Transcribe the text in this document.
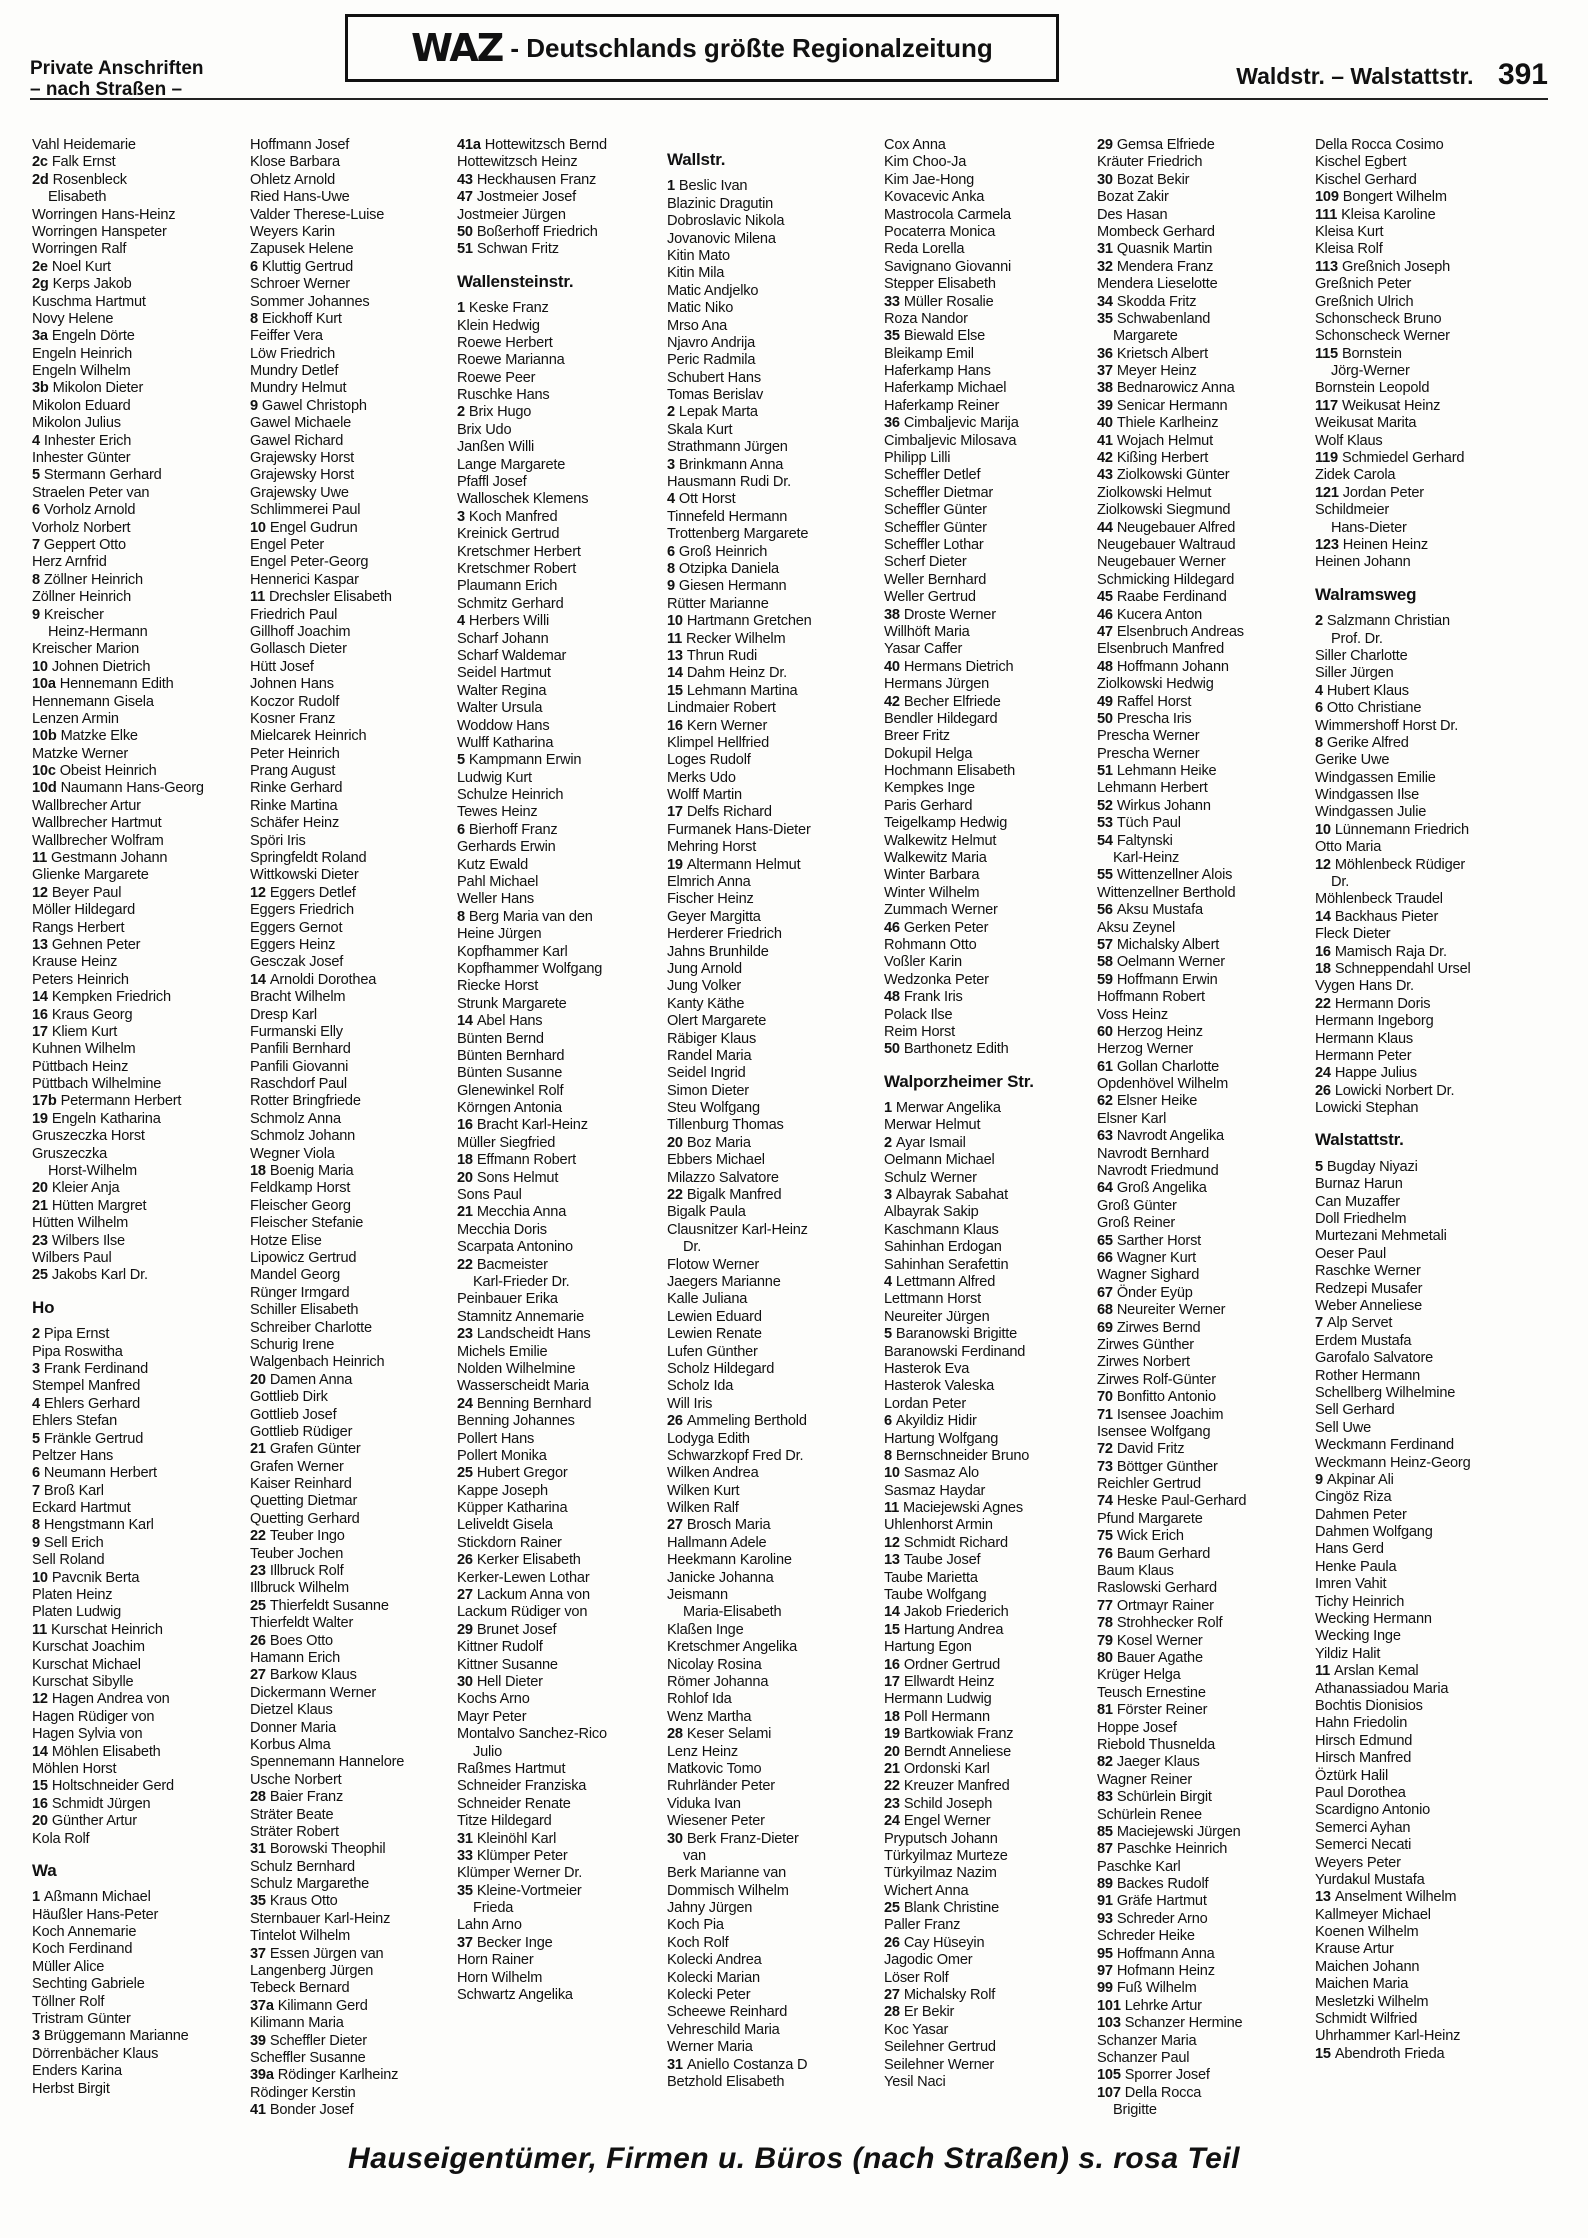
Private Anschriften
– nach Straßen –
WAZ - Deutschlands größte Regionalzeitung
Waldstr. – Walstattstr. 391
Vahl Heidemarie
2c Falk Ernst
2d Rosenbleck
Elisabeth
Worringen Hans-Heinz
Worringen Hanspeter
Worringen Ralf
2e Noel Kurt
2g Kerps Jakob
Kuschma Hartmut
Novy Helene
3a Engeln Dörte
Engeln Heinrich
Engeln Wilhelm
3b Mikolon Dieter
Mikolon Eduard
Mikolon Julius
4 Inhester Erich
Inhester Günter
5 Stermann Gerhard
Straelen Peter van
6 Vorholz Arnold
Vorholz Norbert
7 Geppert Otto
Herz Arnfrid
8 Zöllner Heinrich
Zöllner Heinrich
9 Kreischer
Heinz-Hermann
Kreischer Marion
10 Johnen Dietrich
10a Hennemann Edith
Hennemann Gisela
Lenzen Armin
10b Matzke Elke
Matzke Werner
10c Obeist Heinrich
10d Naumann Hans-Georg
Wallbrecher Artur
Wallbrecher Hartmut
Wallbrecher Wolfram
11 Gestmann Johann
Glienke Margarete
12 Beyer Paul
Möller Hildegard
Rangs Herbert
13 Gehnen Peter
Krause Heinz
Peters Heinrich
14 Kempken Friedrich
16 Kraus Georg
17 Kliem Kurt
Kuhnen Wilhelm
Püttbach Heinz
Püttbach Wilhelmine
17b Petermann Herbert
19 Engeln Katharina
Gruszeczka Horst
Gruszeczka
Horst-Wilhelm
20 Kleier Anja
21 Hütten Margret
Hütten Wilhelm
23 Wilbers Ilse
Wilbers Paul
25 Jakobs Karl Dr.
Ho
2 Pipa Ernst
Pipa Roswitha
3 Frank Ferdinand
Stempel Manfred
4 Ehlers Gerhard
Ehlers Stefan
5 Fränkle Gertrud
Peltzer Hans
6 Neumann Herbert
7 Broß Karl
Eckard Hartmut
8 Hengstmann Karl
9 Sell Erich
Sell Roland
10 Pavcnik Berta
Platen Heinz
Platen Ludwig
11 Kurschat Heinrich
Kurschat Joachim
Kurschat Michael
Kurschat Sibylle
12 Hagen Andrea von
Hagen Rüdiger von
Hagen Sylvia von
14 Möhlen Elisabeth
Möhlen Horst
15 Holtschneider Gerd
16 Schmidt Jürgen
20 Günther Artur
Kola Rolf
Wa
1 Aßmann Michael
Häußler Hans-Peter
Koch Annemarie
Koch Ferdinand
Müller Alice
Sechting Gabriele
Töllner Rolf
Tristram Günter
3 Brüggemann Marianne
Dörrenbächer Klaus
Enders Karina
Herbst Birgit
Hoffmann Josef
Klose Barbara
Ohletz Arnold
Ried Hans-Uwe
Valder Therese-Luise
Weyers Karin
Zapusek Helene
6 Kluttig Gertrud
Schroer Werner
Sommer Johannes
8 Eickhoff Kurt
Feiffer Vera
Löw Friedrich
Mundry Detlef
Mundry Helmut
9 Gawel Christoph
Gawel Michaele
Gawel Richard
Grajewsky Horst
Grajewsky Horst
Grajewsky Uwe
Schlimmerei Paul
10 Engel Gudrun
Engel Peter
Engel Peter-Georg
Hennerici Kaspar
11 Drechsler Elisabeth
Friedrich Paul
Gillhoff Joachim
Gollasch Dieter
Hütt Josef
Johnen Hans
Koczor Rudolf
Kosner Franz
Mielcarek Heinrich
Peter Heinrich
Prang August
Rinke Gerhard
Rinke Martina
Schäfer Heinz
Spöri Iris
Springfeldt Roland
Wittkowski Dieter
12 Eggers Detlef
Eggers Friedrich
Eggers Gernot
Eggers Heinz
Gesczak Josef
14 Arnoldi Dorothea
Bracht Wilhelm
Dresp Karl
Furmanski Elly
Panfili Bernhard
Panfili Giovanni
Raschdorf Paul
Rotter Bringfriede
Schmolz Anna
Schmolz Johann
Wegner Viola
18 Boenig Maria
Feldkamp Horst
Fleischer Georg
Fleischer Stefanie
Hotze Elise
Lipowicz Gertrud
Mandel Georg
Rünger Irmgard
Schiller Elisabeth
Schreiber Charlotte
Schurig Irene
Walgenbach Heinrich
20 Damen Anna
Gottlieb Dirk
Gottlieb Josef
Gottlieb Rüdiger
21 Grafen Günter
Grafen Werner
Kaiser Reinhard
Quetting Dietmar
Quetting Gerhard
22 Teuber Ingo
Teuber Jochen
23 Illbruck Rolf
Illbruck Wilhelm
25 Thierfeldt Susanne
Thierfeldt Walter
26 Boes Otto
Hamann Erich
27 Barkow Klaus
Dickermann Werner
Dietzel Klaus
Donner Maria
Korbus Alma
Spennemann Hannelore
Usche Norbert
28 Baier Franz
Sträter Beate
Sträter Robert
31 Borowski Theophil
Schulz Bernhard
Schulz Margarethe
35 Kraus Otto
Sternbauer Karl-Heinz
Tintelot Wilhelm
37 Essen Jürgen van
Langenberg Jürgen
Tebeck Bernard
37a Kilimann Gerd
Kilimann Maria
39 Scheffler Dieter
Scheffler Susanne
39a Rödinger Karlheinz
Rödinger Kerstin
41 Bonder Josef
41a Hottewitzsch Bernd
Hottewitzsch Heinz
43 Heckhausen Franz
47 Jostmeier Josef
Jostmeier Jürgen
50 Boßerhoff Friedrich
51 Schwan Fritz
Wallensteinstr.
1 Keske Franz
Klein Hedwig
Roewe Herbert
Roewe Marianna
Roewe Peer
Ruschke Hans
2 Brix Hugo
Brix Udo
Janßen Willi
Lange Margarete
Pfaffl Josef
Walloschek Klemens
3 Koch Manfred
Kreinick Gertrud
Kretschmer Herbert
Kretschmer Robert
Plaumann Erich
Schmitz Gerhard
4 Herbers Willi
Scharf Johann
Scharf Waldemar
Seidel Hartmut
Walter Regina
Walter Ursula
Woddow Hans
Wulff Katharina
5 Kampmann Erwin
Ludwig Kurt
Schulze Heinrich
Tewes Heinz
6 Bierhoff Franz
Gerhards Erwin
Kutz Ewald
Pahl Michael
Weller Hans
8 Berg Maria van den
Heine Jürgen
Kopfhammer Karl
Kopfhammer Wolfgang
Riecke Horst
Strunk Margarete
14 Abel Hans
Bünten Bernd
Bünten Bernhard
Bünten Susanne
Glenewinkel Rolf
Körngen Antonia
16 Bracht Karl-Heinz
Müller Siegfried
18 Effmann Robert
20 Sons Helmut
Sons Paul
21 Mecchia Anna
Mecchia Doris
Scarpata Antonino
22 Bacmeister
Karl-Frieder Dr.
Peinbauer Erika
Stamnitz Annemarie
23 Landscheidt Hans
Michels Emilie
Nolden Wilhelmine
Wasserscheidt Maria
24 Benning Bernhard
Benning Johannes
Pollert Hans
Pollert Monika
25 Hubert Gregor
Kappe Joseph
Küpper Katharina
Leliveldt Gisela
Stickdorn Rainer
26 Kerker Elisabeth
Kerker-Lewen Lothar
27 Lackum Anna von
Lackum Rüdiger von
29 Brunet Josef
Kittner Rudolf
Kittner Susanne
30 Hell Dieter
Kochs Arno
Mayr Peter
Montalvo Sanchez-Rico
Julio
Raßmes Hartmut
Schneider Franziska
Schneider Renate
Titze Hildegard
31 Kleinöhl Karl
33 Klümper Peter
Klümper Werner Dr.
35 Kleine-Vortmeier
Frieda
Lahn Arno
37 Becker Inge
Horn Rainer
Horn Wilhelm
Schwartz Angelika
Wallstr.
1 Beslic Ivan
Blazinic Dragutin
Dobroslavic Nikola
Jovanovic Milena
Kitin Mato
Kitin Mila
Matic Andjelko
Matic Niko
Mrso Ana
Njavro Andrija
Peric Radmila
Schubert Hans
Tomas Berislav
2 Lepak Marta
Skala Kurt
Strathmann Jürgen
3 Brinkmann Anna
Hausmann Rudi Dr.
4 Ott Horst
Tinnefeld Hermann
Trottenberg Margarete
6 Groß Heinrich
8 Otzipka Daniela
9 Giesen Hermann
Rütter Marianne
10 Hartmann Gretchen
11 Recker Wilhelm
13 Thrun Rudi
14 Dahm Heinz Dr.
15 Lehmann Martina
Lindmaier Robert
16 Kern Werner
Klimpel Hellfried
Loges Rudolf
Merks Udo
Wolff Martin
17 Delfs Richard
Furmanek Hans-Dieter
Mehring Horst
19 Altermann Helmut
Elmrich Anna
Fischer Heinz
Geyer Margitta
Herderer Friedrich
Jahns Brunhilde
Jung Arnold
Jung Volker
Kanty Käthe
Olert Margarete
Räbiger Klaus
Randel Maria
Seidel Ingrid
Simon Dieter
Steu Wolfgang
Tillenburg Thomas
20 Boz Maria
Ebbers Michael
Milazzo Salvatore
22 Bigalk Manfred
Bigalk Paula
Clausnitzer Karl-Heinz
Dr.
Flotow Werner
Jaegers Marianne
Kalle Juliana
Lewien Eduard
Lewien Renate
Lufen Günther
Scholz Hildegard
Scholz Ida
Will Iris
26 Ammeling Berthold
Lodyga Edith
Schwarzkopf Fred Dr.
Wilken Andrea
Wilken Kurt
Wilken Ralf
27 Brosch Maria
Hallmann Adele
Heekmann Karoline
Janicke Johanna
Jeismann
Maria-Elisabeth
Klaßen Inge
Kretschmer Angelika
Nicolay Rosina
Römer Johanna
Rohlof Ida
Wenz Martha
28 Keser Selami
Lenz Heinz
Matkovic Tomo
Ruhrländer Peter
Viduka Ivan
Wiesener Peter
30 Berk Franz-Dieter
van
Berk Marianne van
Dommisch Wilhelm
Jahny Jürgen
Koch Pia
Koch Rolf
Kolecki Andrea
Kolecki Marian
Kolecki Peter
Scheewe Reinhard
Vehreschild Maria
Werner Maria
31 Aniello Costanza D
Betzhold Elisabeth
Cox Anna
Kim Choo-Ja
Kim Jae-Hong
Kovacevic Anka
Mastrocola Carmela
Pocaterra Monica
Reda Lorella
Savignano Giovanni
Stepper Elisabeth
33 Müller Rosalie
Roza Nandor
35 Biewald Else
Bleikamp Emil
Haferkamp Hans
Haferkamp Michael
Haferkamp Reiner
36 Cimbaljevic Marija
Cimbaljevic Milosava
Philipp Lilli
Scheffler Detlef
Scheffler Dietmar
Scheffler Günter
Scheffler Günter
Scheffler Lothar
Scherf Dieter
Weller Bernhard
Weller Gertrud
38 Droste Werner
Willhöft Maria
Yasar Caffer
40 Hermans Dietrich
Hermans Jürgen
42 Becher Elfriede
Bendler Hildegard
Breer Fritz
Dokupil Helga
Hochmann Elisabeth
Kempkes Inge
Paris Gerhard
Teigelkamp Hedwig
Walkewitz Helmut
Walkewitz Maria
Winter Barbara
Winter Wilhelm
Zummach Werner
46 Gerken Peter
Rohmann Otto
Voßler Karin
Wedzonka Peter
48 Frank Iris
Polack Ilse
Reim Horst
50 Barthonetz Edith
Walporzheimer Str.
1 Merwar Angelika
Merwar Helmut
2 Ayar Ismail
Oelmann Michael
Schulz Werner
3 Albayrak Sabahat
Albayrak Sakip
Kaschmann Klaus
Sahinhan Erdogan
Sahinhan Serafettin
4 Lettmann Alfred
Lettmann Horst
Neureiter Jürgen
5 Baranowski Brigitte
Baranowski Ferdinand
Hasterok Eva
Hasterok Valeska
Lordan Peter
6 Akyildiz Hidir
Hartung Wolfgang
8 Bernschneider Bruno
10 Sasmaz Alo
Sasmaz Haydar
11 Maciejewski Agnes
Uhlenhorst Armin
12 Schmidt Richard
13 Taube Josef
Taube Marietta
Taube Wolfgang
14 Jakob Friederich
15 Hartung Andrea
Hartung Egon
16 Ordner Gertrud
17 Ellwardt Heinz
Hermann Ludwig
18 Poll Hermann
19 Bartkowiak Franz
20 Berndt Anneliese
21 Ordonski Karl
22 Kreuzer Manfred
23 Schild Joseph
24 Engel Werner
Pryputsch Johann
Türkyilmaz Murteze
Türkyilmaz Nazim
Wichert Anna
25 Blank Christine
Paller Franz
26 Cay Hüseyin
Jagodic Omer
Löser Rolf
27 Michalsky Rolf
28 Er Bekir
Koc Yasar
Seilehner Gertrud
Seilehner Werner
Yesil Naci
29 Gemsa Elfriede
Kräuter Friedrich
30 Bozat Bekir
Bozat Zakir
Des Hasan
Mombeck Gerhard
31 Quasnik Martin
32 Mendera Franz
Mendera Lieselotte
34 Skodda Fritz
35 Schwabenland
Margarete
36 Krietsch Albert
37 Meyer Heinz
38 Bednarowicz Anna
39 Senicar Hermann
40 Thiele Karlheinz
41 Wojach Helmut
42 Kißing Herbert
43 Ziolkowski Günter
Ziolkowski Helmut
Ziolkowski Siegmund
44 Neugebauer Alfred
Neugebauer Waltraud
Neugebauer Werner
Schmicking Hildegard
45 Raabe Ferdinand
46 Kucera Anton
47 Elsenbruch Andreas
Elsenbruch Manfred
48 Hoffmann Johann
Ziolkowski Hedwig
49 Raffel Horst
50 Prescha Iris
Prescha Werner
Prescha Werner
51 Lehmann Heike
Lehmann Herbert
52 Wirkus Johann
53 Tüch Paul
54 Faltynski
Karl-Heinz
55 Wittenzellner Alois
Wittenzellner Berthold
56 Aksu Mustafa
Aksu Zeynel
57 Michalsky Albert
58 Oelmann Werner
59 Hoffmann Erwin
Hoffmann Robert
Voss Heinz
60 Herzog Heinz
Herzog Werner
61 Gollan Charlotte
Opdenhövel Wilhelm
62 Elsner Heike
Elsner Karl
63 Navrodt Angelika
Navrodt Bernhard
Navrodt Friedmund
64 Groß Angelika
Groß Günter
Groß Reiner
65 Sarther Horst
66 Wagner Kurt
Wagner Sighard
67 Önder Eyüp
68 Neureiter Werner
69 Zirwes Bernd
Zirwes Günther
Zirwes Norbert
Zirwes Rolf-Günter
70 Bonfitto Antonio
71 Isensee Joachim
Isensee Wolfgang
72 David Fritz
73 Böttger Günther
Reichler Gertrud
74 Heske Paul-Gerhard
Pfund Margarete
75 Wick Erich
76 Baum Gerhard
Baum Klaus
Raslowski Gerhard
77 Ortmayr Rainer
78 Strohhecker Rolf
79 Kosel Werner
80 Bauer Agathe
Krüger Helga
Teusch Ernestine
81 Förster Reiner
Hoppe Josef
Riebold Thusnelda
82 Jaeger Klaus
Wagner Reiner
83 Schürlein Birgit
Schürlein Renee
85 Maciejewski Jürgen
87 Paschke Heinrich
Paschke Karl
89 Backes Rudolf
91 Gräfe Hartmut
93 Schreder Arno
Schreder Heike
95 Hoffmann Anna
97 Hofmann Heinz
99 Fuß Wilhelm
101 Lehrke Artur
103 Schanzer Hermine
Schanzer Maria
Schanzer Paul
105 Sporrer Josef
107 Della Rocca
Brigitte
Della Rocca Cosimo
Kischel Egbert
Kischel Gerhard
109 Bongert Wilhelm
111 Kleisa Karoline
Kleisa Kurt
Kleisa Rolf
113 Greßnich Joseph
Greßnich Peter
Greßnich Ulrich
Schonscheck Bruno
Schonscheck Werner
115 Bornstein
Jörg-Werner
Bornstein Leopold
117 Weikusat Heinz
Weikusat Marita
Wolf Klaus
119 Schmiedel Gerhard
Zidek Carola
121 Jordan Peter
Schildmeier
Hans-Dieter
123 Heinen Heinz
Heinen Johann
Walramsweg
2 Salzmann Christian
Prof. Dr.
Siller Charlotte
Siller Jürgen
4 Hubert Klaus
6 Otto Christiane
Wimmershoff Horst Dr.
8 Gerike Alfred
Gerike Uwe
Windgassen Emilie
Windgassen Ilse
Windgassen Julie
10 Lünnemann Friedrich
Otto Maria
12 Möhlenbeck Rüdiger
Dr.
Möhlenbeck Traudel
14 Backhaus Pieter
Fleck Dieter
16 Mamisch Raja Dr.
18 Schneppendahl Ursel
Vygen Hans Dr.
22 Hermann Doris
Hermann Ingeborg
Hermann Klaus
Hermann Peter
24 Happe Julius
26 Lowicki Norbert Dr.
Lowicki Stephan
Walstattstr.
5 Bugday Niyazi
Burnaz Harun
Can Muzaffer
Doll Friedhelm
Murtezani Mehmetali
Oeser Paul
Raschke Werner
Redzepi Musafer
Weber Anneliese
7 Alp Servet
Erdem Mustafa
Garofalo Salvatore
Rother Hermann
Schellberg Wilhelmine
Sell Gerhard
Sell Uwe
Weckmann Ferdinand
Weckmann Heinz-Georg
9 Akpinar Ali
Cingöz Riza
Dahmen Peter
Dahmen Wolfgang
Hans Gerd
Henke Paula
Imren Vahit
Tichy Heinrich
Wecking Hermann
Wecking Inge
Yildiz Halit
11 Arslan Kemal
Athanassiadou Maria
Bochtis Dionisios
Hahn Friedolin
Hirsch Edmund
Hirsch Manfred
Öztürk Halil
Paul Dorothea
Scardigno Antonio
Semerci Ayhan
Semerci Necati
Weyers Peter
Yurdakul Mustafa
13 Anselment Wilhelm
Kallmeyer Michael
Koenen Wilhelm
Krause Artur
Maichen Johann
Maichen Maria
Mesletzki Wilhelm
Schmidt Wilfried
Uhrhammer Karl-Heinz
15 Abendroth Frieda
Hauseigentümer, Firmen u. Büros (nach Straßen) s. rosa Teil
